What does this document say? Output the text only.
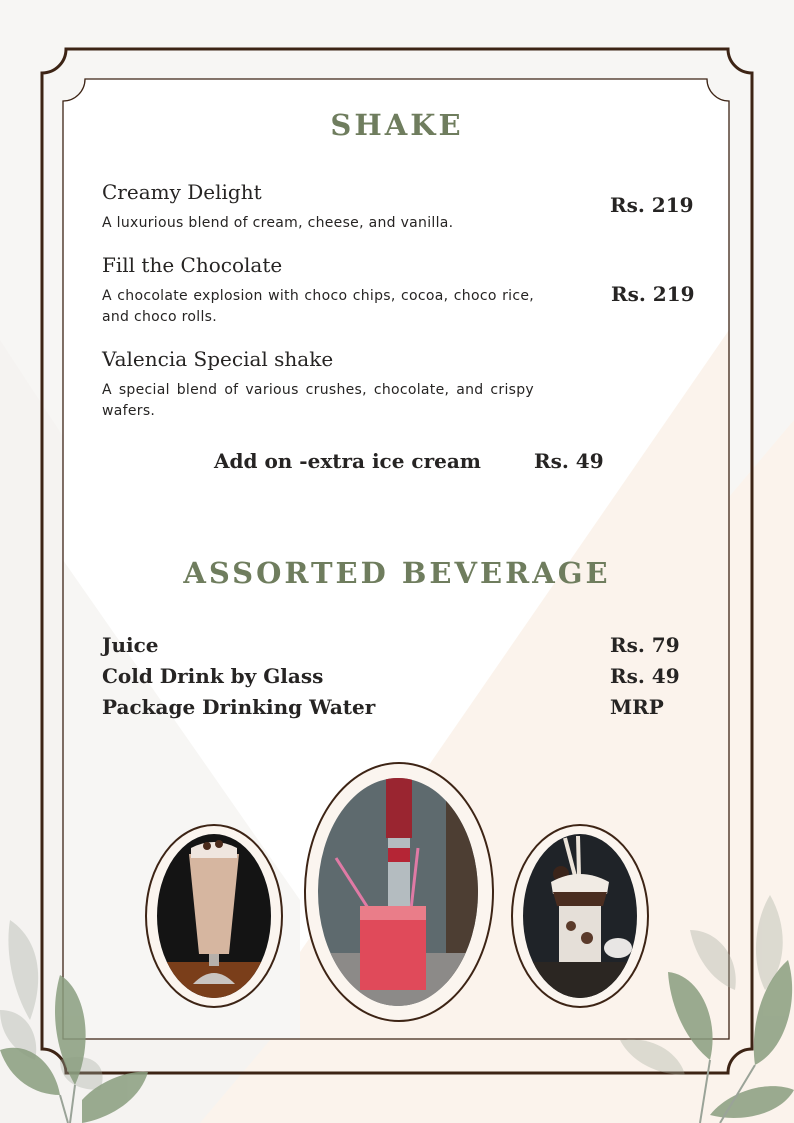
SHAKE
Creamy Delight
A luxurious blend of cream, cheese, and vanilla.
Rs. 219
Fill the Chocolate
A chocolate explosion with choco chips, cocoa, choco rice, and choco rolls.
Rs. 219
Valencia Special shake
A special blend of various crushes, chocolate, and crispy wafers.
Add on -extra ice cream	Rs. 49
ASSORTED BEVERAGE
Juice	Rs. 79
Cold Drink by Glass	Rs. 49
Package Drinking Water	MRP
